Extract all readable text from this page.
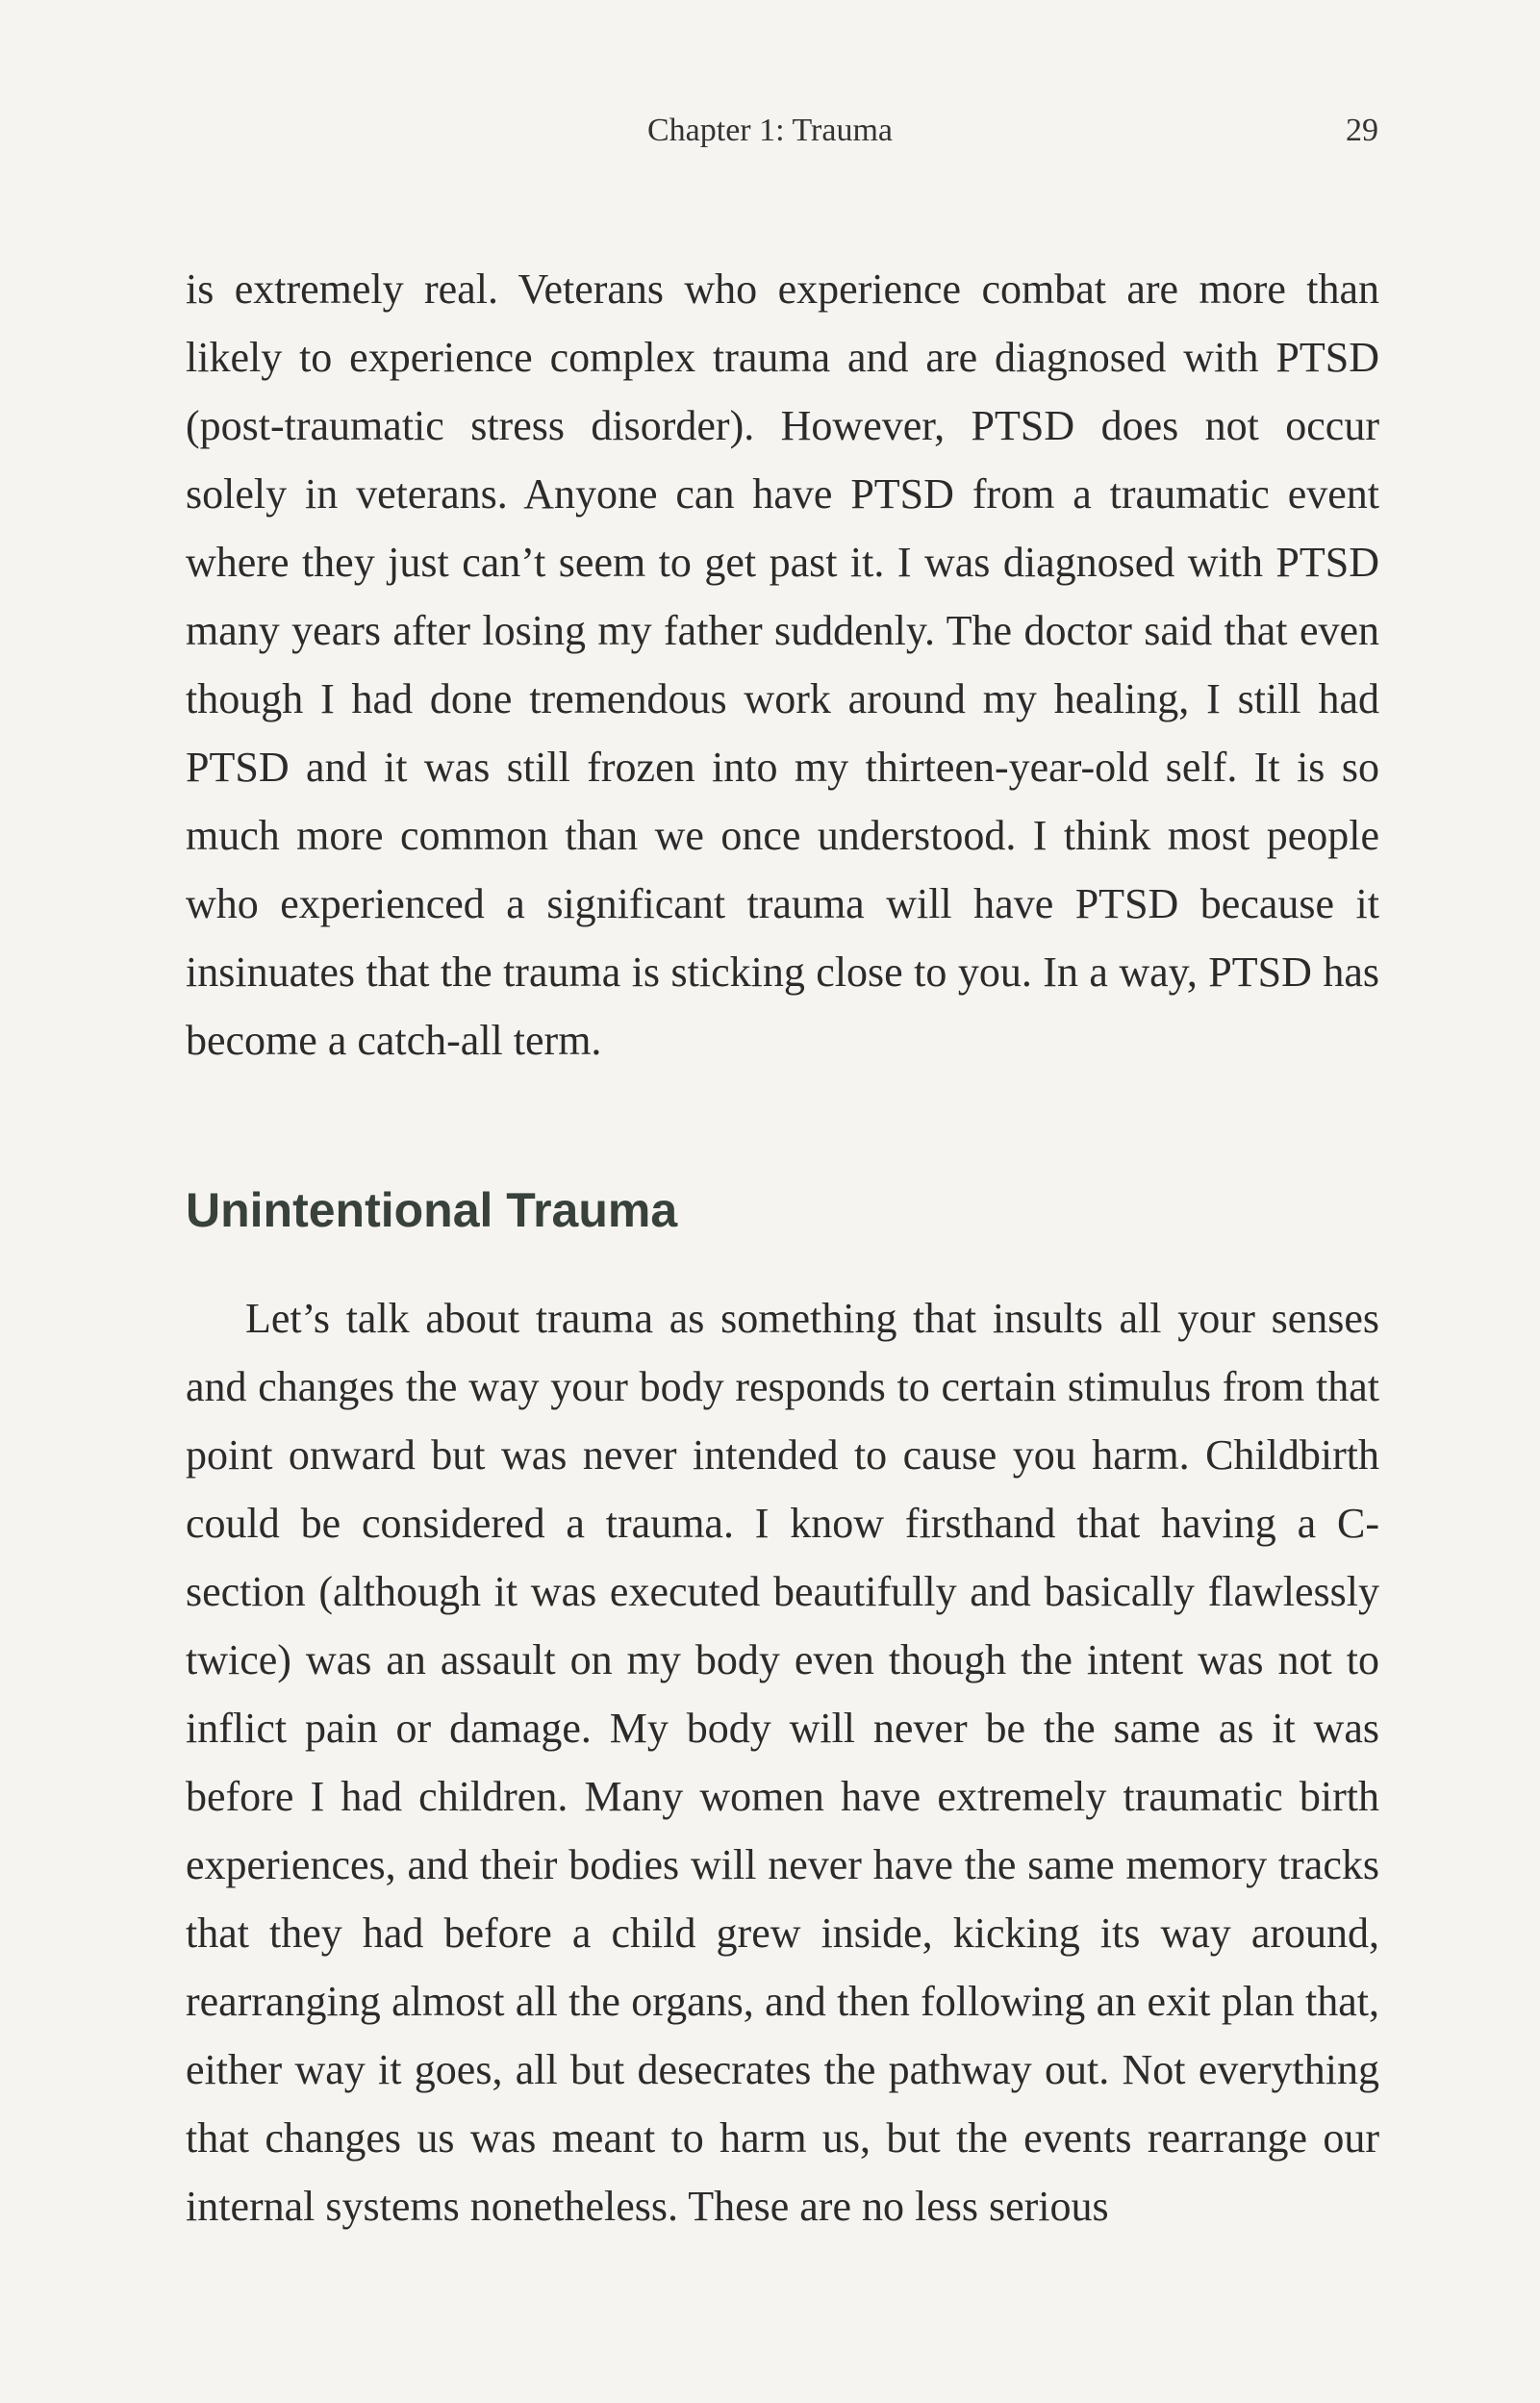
Chapter 1: Trauma	29

is extremely real. Veterans who experience combat are more than likely to experience complex trauma and are diagnosed with PTSD (post-traumatic stress disorder). However, PTSD does not occur solely in veterans. Anyone can have PTSD from a traumatic event where they just can’t seem to get past it. I was diagnosed with PTSD many years after losing my father suddenly. The doctor said that even though I had done tremendous work around my healing, I still had PTSD and it was still frozen into my thirteen-year-old self. It is so much more common than we once understood. I think most people who experienced a significant trauma will have PTSD because it insinuates that the trauma is sticking close to you. In a way, PTSD has become a catch-all term.

Unintentional Trauma

Let’s talk about trauma as something that insults all your senses and changes the way your body responds to certain stimulus from that point onward but was never intended to cause you harm. Childbirth could be considered a trauma. I know firsthand that having a C-section (although it was executed beautifully and basically flawlessly twice) was an assault on my body even though the intent was not to inflict pain or damage. My body will never be the same as it was before I had children. Many women have extremely traumatic birth experiences, and their bodies will never have the same memory tracks that they had before a child grew inside, kicking its way around, rearranging almost all the organs, and then following an exit plan that, either way it goes, all but desecrates the pathway out. Not everything that changes us was meant to harm us, but the events rearrange our internal systems nonetheless. These are no less serious
